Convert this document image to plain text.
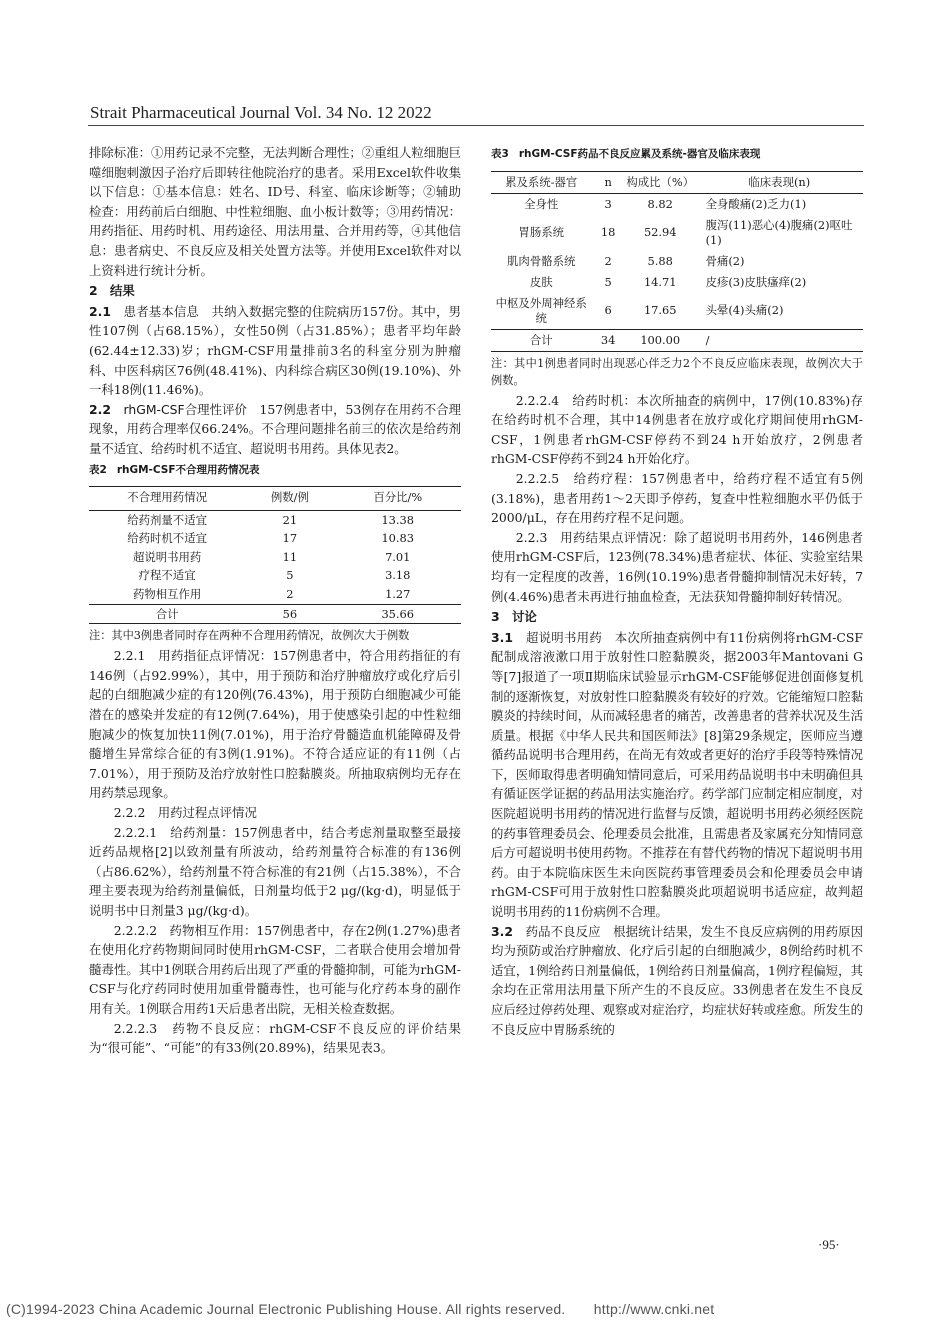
Strait Pharmaceutical Journal Vol. 34 No. 12 2022

排除标准：①用药记录不完整，无法判断合理性；②重组人粒细胞巨噬细胞刺激因子治疗后即转往他院治疗的患者。采用Excel软件收集以下信息：①基本信息：姓名、ID号、科室、临床诊断等；②辅助检查：用药前后白细胞、中性粒细胞、血小板计数等；③用药情况：用药指征、用药时机、用药途径、用法用量、合并用药等，④其他信息：患者病史、不良反应及相关处置方法等。并使用Excel软件对以上资料进行统计分析。

2　结果

2.1　 患者基本信息　 共纳入数据完整的住院病历157份。其中，男性107例（占68.15%），女性50例（占31.85%）；患者平均年龄(62.44±12.33)岁；rhGM-CSF用量排前3名的科室分别为肿瘤科、中医科病区76例(48.41%)、内科综合病区30例(19.10%)、外一科18例(11.46%)。

2.2　 rhGM-CSF合理性评价　 157例患者中，53例存在用药不合理现象，用药合理率仅66.24%。不合理问题排名前三的依次是给药剂量不适宜、给药时机不适宜、超说明书用药。具体见表2。

表2 rhGM-CSF不合理用药情况表
不合理用药情况	例数/例	百分比/%
给药剂量不适宜	21	13.38
给药时机不适宜	17	10.83
超说明书用药	11	7.01
疗程不适宜	5	3.18
药物相互作用	2	1.27
合计	56	35.66
注：其中3例患者同时存在两种不合理用药情况，故例次大于例数

2.2.1　用药指征点评情况：157例患者中，符合用药指征的有146例（占92.99%），其中，用于预防和治疗肿瘤放疗或化疗后引起的白细胞减少症的有120例(76.43%)，用于预防白细胞减少可能潜在的感染并发症的有12例(7.64%)，用于使感染引起的中性粒细胞减少的恢复加快11例(7.01%)，用于治疗骨髓造血机能障碍及骨髓增生异常综合征的有3例(1.91%)。不符合适应证的有11例（占7.01%），用于预防及治疗放射性口腔黏膜炎。所抽取病例均无存在用药禁忌现象。

2.2.2　用药过程点评情况

2.2.2.1　给药剂量：157例患者中，结合考虑剂量取整至最接近药品规格[2]以致剂量有所波动，给药剂量符合标准的有136例（占86.62%），给药剂量不符合标准的有21例（占15.38%），不合理主要表现为给药剂量偏低，日剂量均低于2 μg/(kg·d)，明显低于说明书中日剂量3 μg/(kg·d)。

2.2.2.2　药物相互作用：157例患者中，存在2例(1.27%)患者在使用化疗药物期间同时使用rhGM-CSF，二者联合使用会增加骨髓毒性。其中1例联合用药后出现了严重的骨髓抑制，可能为rhGM-CSF与化疗药同时使用加重骨髓毒性，也可能与化疗药本身的副作用有关。1例联合用药1天后患者出院，无相关检查数据。

2.2.2.3　药物不良反应：rhGM-CSF不良反应的评价结果为“很可能”、“可能”的有33例(20.89%)，结果见表3。

表3 rhGM-CSF药品不良反应累及系统-器官及临床表现
累及系统-器官	n	构成比（%）	临床表现(n)
全身性	3	8.82	全身酸痛(2)乏力(1)
胃肠系统	18	52.94	腹泻(11)恶心(4)腹痛(2)呕吐(1)
肌肉骨骼系统	2	5.88	骨痛(2)
皮肤	5	14.71	皮疹(3)皮肤瘙痒(2)
中枢及外周神经系统	6	17.65	头晕(4)头痛(2)
合计	34	100.00	/
注：其中1例患者同时出现恶心伴乏力2个不良反应临床表现，故例次大于例数。

2.2.2.4　给药时机：本次所抽查的病例中，17例(10.83%)存在给药时机不合理，其中14例患者在放疗或化疗期间使用rhGM-CSF，1例患者rhGM-CSF停药不到24 h开始放疗，2例患者rhGM-CSF停药不到24 h开始化疗。

2.2.2.5　给药疗程：157例患者中，给药疗程不适宜有5例(3.18%)，患者用药1～2天即予停药，复查中性粒细胞水平仍低于2000/μL，存在用药疗程不足问题。

2.2.3　用药结果点评情况：除了超说明书用药外，146例患者使用rhGM-CSF后，123例(78.34%)患者症状、体征、实验室结果均有一定程度的改善，16例(10.19%)患者骨髓抑制情况未好转，7例(4.46%)患者未再进行抽血检查，无法获知骨髓抑制好转情况。

3　讨论

3.1　 超说明书用药　 本次所抽查病例中有11份病例将rhGM-CSF配制成溶液漱口用于放射性口腔黏膜炎，据2003年Mantovani G等[7]报道了一项Ⅱ期临床试验显示rhGM-CSF能够促进创面修复机制的逐渐恢复，对放射性口腔黏膜炎有较好的疗效。它能缩短口腔黏膜炎的持续时间，从而减轻患者的痛苦，改善患者的营养状况及生活质量。根据《中华人民共和国医师法》[8]第29条规定，医师应当遵循药品说明书合理用药，在尚无有效或者更好的治疗手段等特殊情况下，医师取得患者明确知情同意后，可采用药品说明书中未明确但具有循证医学证据的药品用法实施治疗。药学部门应制定相应制度，对医院超说明书用药的情况进行监督与反馈，超说明书用药必须经医院的药事管理委员会、伦理委员会批准，且需患者及家属充分知情同意后方可超说明书使用药物。不推荐在有替代药物的情况下超说明书用药。由于本院临床医生未向医院药事管理委员会和伦理委员会申请rhGM-CSF可用于放射性口腔黏膜炎此项超说明书适应症，故判超说明书用药的11份病例不合理。

3.2　 药品不良反应　 根据统计结果，发生不良反应病例的用药原因均为预防或治疗肿瘤放、化疗后引起的白细胞减少，8例给药时机不适宜，1例给药日剂量偏低，1例给药日剂量偏高，1例疗程偏短，其余均在正常用法用量下所产生的不良反应。33例患者在发生不良反应后经过停药处理、观察或对症治疗，均症状好转或痊愈。所发生的不良反应中胃肠系统的

·95·
(C)1994-2023 China Academic Journal Electronic Publishing House. All rights reserved.　　http://www.cnki.net
